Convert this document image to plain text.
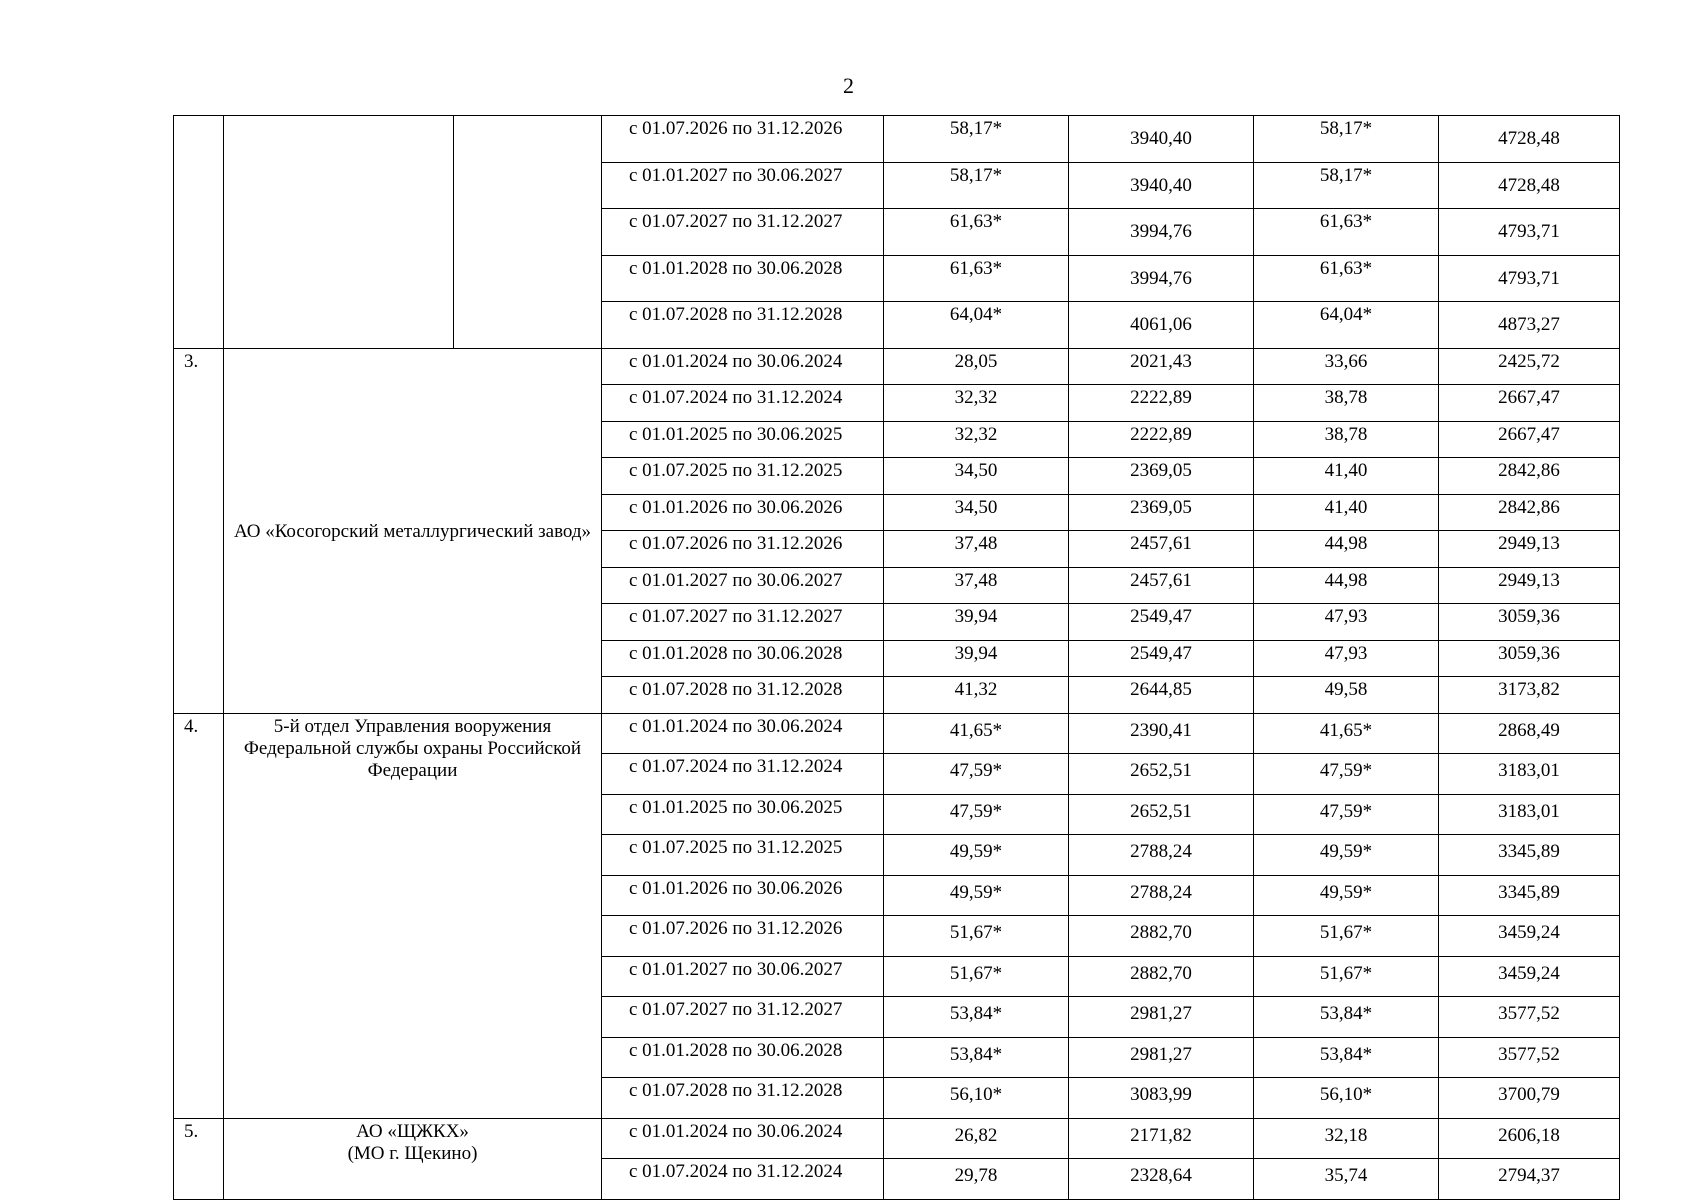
2
			с 01.07.2026 по 31.12.2026	58,17*	3940,40	58,17*	4728,48
			с 01.01.2027 по 30.06.2027	58,17*	3940,40	58,17*	4728,48
			с 01.07.2027 по 31.12.2027	61,63*	3994,76	61,63*	4793,71
			с 01.01.2028 по 30.06.2028	61,63*	3994,76	61,63*	4793,71
			с 01.07.2028 по 31.12.2028	64,04*	4061,06	64,04*	4873,27
3.	АО «Косогорский металлургический завод»		с 01.01.2024 по 30.06.2024	28,05	2021,43	33,66	2425,72
			с 01.07.2024 по 31.12.2024	32,32	2222,89	38,78	2667,47
			с 01.01.2025 по 30.06.2025	32,32	2222,89	38,78	2667,47
			с 01.07.2025 по 31.12.2025	34,50	2369,05	41,40	2842,86
			с 01.01.2026 по 30.06.2026	34,50	2369,05	41,40	2842,86
			с 01.07.2026 по 31.12.2026	37,48	2457,61	44,98	2949,13
			с 01.01.2027 по 30.06.2027	37,48	2457,61	44,98	2949,13
			с 01.07.2027 по 31.12.2027	39,94	2549,47	47,93	3059,36
			с 01.01.2028 по 30.06.2028	39,94	2549,47	47,93	3059,36
			с 01.07.2028 по 31.12.2028	41,32	2644,85	49,58	3173,82
4.	5-й отдел Управления вооружения Федеральной службы охраны Российской Федерации		с 01.01.2024 по 30.06.2024	41,65*	2390,41	41,65*	2868,49
			с 01.07.2024 по 31.12.2024	47,59*	2652,51	47,59*	3183,01
			с 01.01.2025 по 30.06.2025	47,59*	2652,51	47,59*	3183,01
			с 01.07.2025 по 31.12.2025	49,59*	2788,24	49,59*	3345,89
			с 01.01.2026 по 30.06.2026	49,59*	2788,24	49,59*	3345,89
			с 01.07.2026 по 31.12.2026	51,67*	2882,70	51,67*	3459,24
			с 01.01.2027 по 30.06.2027	51,67*	2882,70	51,67*	3459,24
			с 01.07.2027 по 31.12.2027	53,84*	2981,27	53,84*	3577,52
			с 01.01.2028 по 30.06.2028	53,84*	2981,27	53,84*	3577,52
			с 01.07.2028 по 31.12.2028	56,10*	3083,99	56,10*	3700,79
5.	АО «ЩЖКХ»
(МО г. Щекино)		с 01.01.2024 по 30.06.2024	26,82	2171,82	32,18	2606,18
			с 01.07.2024 по 31.12.2024	29,78	2328,64	35,74	2794,37
